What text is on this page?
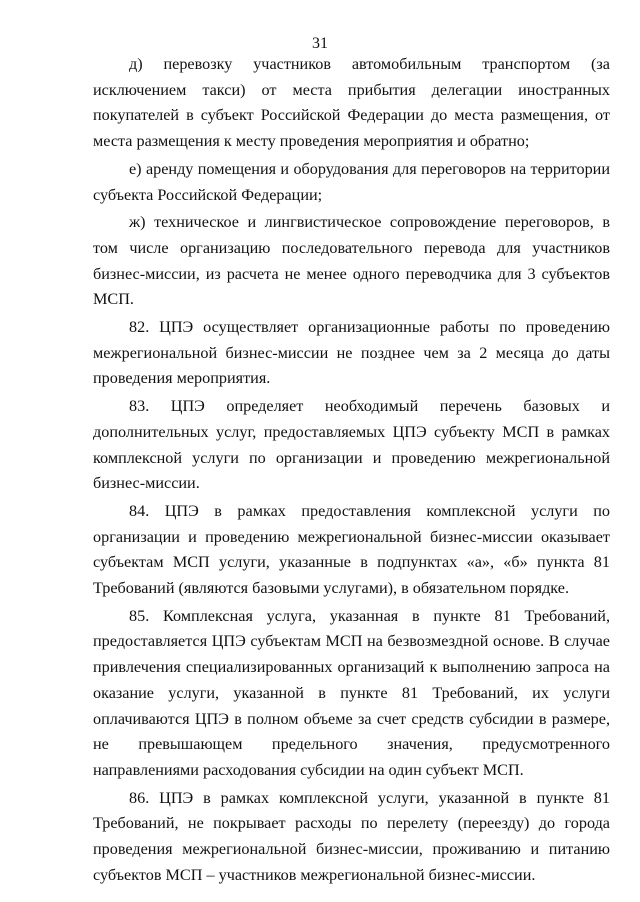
31

д) перевозку участников автомобильным транспортом (за исключением такси) от места прибытия делегации иностранных покупателей в субъект Российской Федерации до места размещения, от места размещения к месту проведения мероприятия и обратно;

е) аренду помещения и оборудования для переговоров на территории субъекта Российской Федерации;

ж) техническое и лингвистическое сопровождение переговоров, в том числе организацию последовательного перевода для участников бизнес-миссии, из расчета не менее одного переводчика для 3 субъектов МСП.

82. ЦПЭ осуществляет организационные работы по проведению межрегиональной бизнес-миссии не позднее чем за 2 месяца до даты проведения мероприятия.

83. ЦПЭ определяет необходимый перечень базовых и дополнительных услуг, предоставляемых ЦПЭ субъекту МСП в рамках комплексной услуги по организации и проведению межрегиональной бизнес-миссии.

84. ЦПЭ в рамках предоставления комплексной услуги по организации и проведению межрегиональной бизнес-миссии оказывает субъектам МСП услуги, указанные в подпунктах «а», «б» пункта 81 Требований (являются базовыми услугами), в обязательном порядке.

85. Комплексная услуга, указанная в пункте 81 Требований, предоставляется ЦПЭ субъектам МСП на безвозмездной основе. В случае привлечения специализированных организаций к выполнению запроса на оказание услуги, указанной в пункте 81 Требований, их услуги оплачиваются ЦПЭ в полном объеме за счет средств субсидии в размере, не превышающем предельного значения, предусмотренного направлениями расходования субсидии на один субъект МСП.

86. ЦПЭ в рамках комплексной услуги, указанной в пункте 81 Требований, не покрывает расходы по перелету (переезду) до города проведения межрегиональной бизнес-миссии, проживанию и питанию субъектов МСП – участников межрегиональной бизнес-миссии.
